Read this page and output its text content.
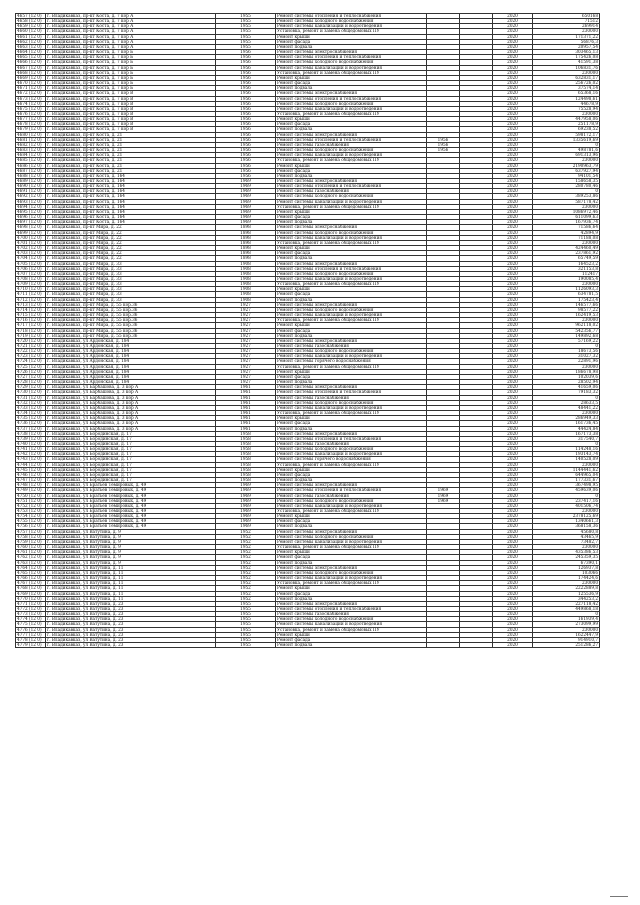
4657 (12 0)	г. Владикавказ, пр-кт Коста, д. 7 кор А	1955	Ремонт системы отопления и теплоснабжения			2020	650168
4658 (12 0)	г. Владикавказ, пр-кт Коста, д. 7 кор А	1955	Ремонт системы холодного водоснабжения			2020	71512
4659 (12 0)	г. Владикавказ, пр-кт Коста, д. 7 кор А	1955	Ремонт системы канализации и водоотведения			2020	269914
4660 (12 0)	г. Владикавказ, пр-кт Коста, д. 7 кор А	1955	Установка, ремонт и замена общедомовых ПУ			2020	230000
4661 (12 0)	г. Владикавказ, пр-кт Коста, д. 7 кор А	1955	Ремонт крыши			2020	171371,22
4662 (12 0)	г. Владикавказ, пр-кт Коста, д. 7 кор А	1955	Ремонт фасада			2020	56876,3
4663 (12 0)	г. Владикавказ, пр-кт Коста, д. 7 кор А	1955	Ремонт подвала			2020	20957,54
4664 (12 0)	г. Владикавказ, пр-кт Коста, д. 7 кор Б	1956	Ремонт системы электроснабжения			2020	303465,13
4665 (12 0)	г. Владикавказ, пр-кт Коста, д. 7 кор Б	1956	Ремонт системы отопления и теплоснабжения			2020	175426,08
4666 (12 0)	г. Владикавказ, пр-кт Коста, д. 7 кор Б	1956	Ремонт системы холодного водоснабжения			2020	41591,38
4667 (12 0)	г. Владикавказ, пр-кт Коста, д. 7 кор Б	1956	Ремонт системы канализации и водоотведения			2020	106831,76
4668 (12 0)	г. Владикавказ, пр-кт Коста, д. 7 кор Б	1956	Установка, ремонт и замена общедомовых ПУ			2020	230000
4669 (12 0)	г. Владикавказ, пр-кт Коста, д. 7 кор Б	1956	Ремонт крыши			2020	632831,17
4670 (12 0)	г. Владикавказ, пр-кт Коста, д. 7 кор Б	1956	Ремонт фасада			2020	256726,02
4671 (12 0)	г. Владикавказ, пр-кт Коста, д. 7 кор Б	1956	Ремонт подвала			2020	37574,14
4672 (12 0)	г. Владикавказ, пр-кт Коста, д. 7 кор В	1956	Ремонт системы электроснабжения			2020	65368,16
4673 (12 0)	г. Владикавказ, пр-кт Коста, д. 7 кор В	1956	Ремонт системы отопления и теплоснабжения			2020	124498,61
4674 (12 0)	г. Владикавказ, пр-кт Коста, д. 7 кор В	1956	Ремонт системы холодного водоснабжения			2020	44678,9
4675 (12 0)	г. Владикавказ, пр-кт Коста, д. 7 кор В	1956	Ремонт системы канализации и водоотведения			2020	75528,94
4676 (12 0)	г. Владикавказ, пр-кт Коста, д. 7 кор В	1956	Установка, ремонт и замена общедомовых ПУ			2020	230000
4677 (12 0)	г. Владикавказ, пр-кт Коста, д. 7 кор В	1956	Ремонт крыши			2020	447958,06
4678 (12 0)	г. Владикавказ, пр-кт Коста, д. 7 кор В	1956	Ремонт фасада			2020	251178,9
4679 (12 0)	г. Владикавказ, пр-кт Коста, д. 7 кор В	1956	Ремонт подвала			2020	69238,52
4680 (12 0)	г. Владикавказ, пр-кт Коста, д. 21	1956	Ремонт системы электроснабжения			2020	598172,17
4681 (12 0)	г. Владикавказ, пр-кт Коста, д. 21	1956	Ремонт системы отопления и теплоснабжения	1956		2020	1335619,69
4682 (12 0)	г. Владикавказ, пр-кт Коста, д. 21	1956	Ремонт системы газоснабжения	1956		2020	0
4683 (12 0)	г. Владикавказ, пр-кт Коста, д. 21	1956	Ремонт системы холодного водоснабжения	1956		2020	498781,6
4684 (12 0)	г. Владикавказ, пр-кт Коста, д. 21	1956	Ремонт системы канализации и водоотведения			2020	691313,96
4685 (12 0)	г. Владикавказ, пр-кт Коста, д. 21	1956	Установка, ремонт и замена общедомовых ПУ			2020	230000
4686 (12 0)	г. Владикавказ, пр-кт Коста, д. 21	1956	Ремонт крыши			2020	2190963,79
4687 (12 0)	г. Владикавказ, пр-кт Коста, д. 21	1956	Ремонт фасада			2020	637927,94
4688 (12 0)	г. Владикавказ, пр-кт Коста, д. 164	1956	Ремонт подвала			2020	94101,54
4689 (12 0)	г. Владикавказ, пр-кт Коста, д. 164	1969	Ремонт системы электроснабжения			2020	158658,35
4690 (12 0)	г. Владикавказ, пр-кт Коста, д. 164	1969	Ремонт системы отопления и теплоснабжения			2020	280780,46
4691 (12 0)	г. Владикавказ, пр-кт Коста, д. 164	1969	Ремонт системы газоснабжения			2020	0
4692 (12 0)	г. Владикавказ, пр-кт Коста, д. 164	1969	Ремонт системы холодного водоснабжения			2020	389253,86
4693 (12 0)	г. Владикавказ, пр-кт Коста, д. 164	1969	Ремонт системы канализации и водоотведения			2020	587178,42
4694 (12 0)	г. Владикавказ, пр-кт Коста, д. 164	1969	Установка, ремонт и замена общедомовых ПУ			2020	230000
4695 (12 0)	г. Владикавказ, пр-кт Коста, д. 164	1969	Ремонт крыши			2020	1086972,46
4696 (12 0)	г. Владикавказ, пр-кт Коста, д. 164	1969	Ремонт фасада			2020	611099,63
4697 (12 0)	г. Владикавказ, пр-кт Коста, д. 164	1969	Ремонт подвала			2020	167936,74
4698 (12 0)	г. Владикавказ, пр-кт Мира, д. 22	1898	Ремонт системы электроснабжения			2020	71586,64
4699 (12 0)	г. Владикавказ, пр-кт Мира, д. 22	1898	Ремонт системы холодного водоснабжения			2020	42894,9
4700 (12 0)	г. Владикавказ, пр-кт Мира, д. 22	1898	Ремонт системы канализации и водоотведения			2020	71188,08
4701 (12 0)	г. Владикавказ, пр-кт Мира, д. 22	1898	Установка, ремонт и замена общедомовых ПУ			2020	230000
4702 (12 0)	г. Владикавказ, пр-кт Мира, д. 22	1898	Ремонт крыши			2020	424460,49
4703 (12 0)	г. Владикавказ, пр-кт Мира, д. 22	1898	Ремонт фасада			2020	237861,92
4704 (12 0)	г. Владикавказ, пр-кт Мира, д. 22	1898	Ремонт подвала			2020	65749,59
4705 (12 0)	г. Владикавказ, пр-кт Мира, д. 33	1908	Ремонт системы электроснабжения			2020	164523,2
4706 (12 0)	г. Владикавказ, пр-кт Мира, д. 33	1908	Ремонт системы отопления и теплоснабжения			2020	321153,8
4707 (12 0)	г. Владикавказ, пр-кт Мира, д. 33	1908	Ремонт системы холодного водоснабжения			2020	112417
4708 (12 0)	г. Владикавказ, пр-кт Мира, д. 33	1908	Ремонт системы канализации и водоотведения			2020	190085,4
4709 (12 0)	г. Владикавказ, пр-кт Мира, д. 33	1908	Установка, ремонт и замена общедомовых ПУ			2020	230000
4710 (12 0)	г. Владикавказ, пр-кт Мира, д. 33	1908	Ремонт крыши			2020	1126093,3
4711 (12 0)	г. Владикавказ, пр-кт Мира, д. 33	1908	Ремонт фасада			2020	634781,5
4712 (12 0)	г. Владикавказ, пр-кт Мира, д. 33	1908	Ремонт подвала			2020	175423,4
4713 (12 0)	г. Владикавказ, пр-кт Мира, д. 55 кор.36	1927	Ремонт системы электроснабжения			2020	146577,66
4714 (12 0)	г. Владикавказ, пр-кт Мира, д. 55 кор.36	1927	Ремонт системы холодного водоснабжения			2020	98577,22
4715 (12 0)	г. Владикавказ, пр-кт Мира, д. 55 кор.36	1927	Ремонт системы канализации и водоотведения			2020	162419,53
4716 (12 0)	г. Владикавказ, пр-кт Мира, д. 55 кор.36	1927	Установка, ремонт и замена общедомовых ПУ			2020	230000
4717 (12 0)	г. Владикавказ, пр-кт Мира, д. 55 кор.36	1927	Ремонт крыши			2020	962118,02
4718 (12 0)	г. Владикавказ, пр-кт Мира, д. 55 кор.36	1927	Ремонт фасада			2020	542356,77
4719 (12 0)	г. Владикавказ, пр-кт Мира, д. 55 кор.36	1927	Ремонт подвала			2020	149892,68
4720 (12 0)	г. Владикавказ, ул Ардонская, д. 184	1927	Ремонт системы электроснабжения			2020	57169,22
4721 (12 0)	г. Владикавказ, ул Ардонская, д. 184	1927	Ремонт системы газоснабжения			2020	0
4722 (12 0)	г. Владикавказ, ул Ардонская, д. 184	1927	Ремонт системы холодного водоснабжения			2020	18673,56
4723 (12 0)	г. Владикавказ, ул Ардонская, д. 184	1927	Ремонт системы канализации и водоотведения			2020	31027,32
4724 (12 0)	г. Владикавказ, ул Ардонская, д. 184	1927	Ремонт системы горячего водоснабжения			2020	22891,96
4725 (12 0)	г. Владикавказ, ул Ардонская, д. 184	1927	Установка, ремонт и замена общедомовых ПУ			2020	230000
4726 (12 0)	г. Владикавказ, ул Ардонская, д. 184	1927	Ремонт крыши			2020	186678,98
4727 (12 0)	г. Владикавказ, ул Ардонская, д. 184	1927	Ремонт фасада			2020	102039,6
4728 (12 0)	г. Владикавказ, ул Ардонская, д. 184	1927	Ремонт подвала			2020	28502,94
4729 (12 0)	г. Владикавказ, ул Барбашова, д. 3 кор А	1961	Ремонт системы электроснабжения			2020	41659,06
4730 (12 0)	г. Владикавказ, ул Барбашова, д. 3 кор А	1961	Ремонт системы отопления и теплоснабжения			2020	79183,32
4731 (12 0)	г. Владикавказ, ул Барбашова, д. 3 кор А	1961	Ремонт системы газоснабжения			2020	0
4732 (12 0)	г. Владикавказ, ул Барбашова, д. 3 кор А	1961	Ремонт системы холодного водоснабжения			2020	28633,5
4733 (12 0)	г. Владикавказ, ул Барбашова, д. 3 кор А	1961	Ремонт системы канализации и водоотведения			2020	48441,22
4734 (12 0)	г. Владикавказ, ул Барбашова, д. 3 кор А	1961	Установка, ремонт и замена общедомовых ПУ			2020	230000
4735 (12 0)	г. Владикавказ, ул Барбашова, д. 3 кор А	1961	Ремонт крыши			2020	286949,33
4736 (12 0)	г. Владикавказ, ул Барбашова, д. 3 кор А	1961	Ремонт фасада			2020	161736,45
4737 (12 0)	г. Владикавказ, ул Барбашова, д. 3 кор А	1961	Ремонт подвала			2020	44424,84
4738 (12 0)	г. Владикавказ, ул Бородинская, д. 17	1958	Ремонт системы электроснабжения			2020	167173,38
4739 (12 0)	г. Владикавказ, ул Бородинская, д. 17	1958	Ремонт системы отопления и теплоснабжения			2020	317540,7
4740 (12 0)	г. Владикавказ, ул Бородинская, д. 17	1958	Ремонт системы газоснабжения			2020	0
4741 (12 0)	г. Владикавказ, ул Бородинская, д. 17	1958	Ремонт системы холодного водоснабжения			2020	114248,16
4742 (12 0)	г. Владикавказ, ул Бородинская, д. 17	1958	Ремонт системы канализации и водоотведения			2020	193143,74
4743 (12 0)	г. Владикавказ, ул Бородинская, д. 17	1958	Ремонт системы горячего водоснабжения			2020	140528,09
4744 (12 0)	г. Владикавказ, ул Бородинская, д. 17	1958	Установка, ремонт и замена общедомовых ПУ			2020	230000
4745 (12 0)	г. Владикавказ, ул Бородинская, д. 17	1958	Ремонт крыши			2020	1144441,62
4746 (12 0)	г. Владикавказ, ул Бородинская, д. 17	1958	Ремонт фасада			2020	644965,04
4747 (12 0)	г. Владикавказ, ул Бородинская, д. 17	1958	Ремонт подвала			2020	177331,67
4748 (12 0)	г. Владикавказ, ул Братьев Темировых, д. 49	1969	Ремонт системы электроснабжения			2020	367498,95
4749 (12 0)	г. Владикавказ, ул Братьев Темировых, д. 49	1969	Ремонт системы отопления и теплоснабжения	1969		2020	459639,06
4750 (12 0)	г. Владикавказ, ул Братьев Темировых, д. 49	1969	Ремонт системы газоснабжения	1969		2020	0
4751 (12 0)	г. Владикавказ, ул Братьев Темировых, д. 49	1969	Ремонт системы холодного водоснабжения	1969		2020	237417,16
4752 (12 0)	г. Владикавказ, ул Братьев Темировых, д. 49	1969	Ремонт системы канализации и водоотведения			2020	401506,74
4753 (12 0)	г. Владикавказ, ул Братьев Темировых, д. 49	1969	Установка, ремонт и замена общедомовых ПУ			2020	230000
4754 (12 0)	г. Владикавказ, ул Братьев Темировых, д. 49	1969	Ремонт крыши			2020	2378125,69
4755 (12 0)	г. Владикавказ, ул Братьев Темировых, д. 49	1969	Ремонт фасада			2020	1340661,3
4756 (12 0)	г. Владикавказ, ул Братьев Темировых, д. 49	1969	Ремонт подвала			2020	368158,36
4757 (12 0)	г. Владикавказ, ул Ватутина, д. 9	1952	Ремонт системы электроснабжения			2020	45680,8
4758 (12 0)	г. Владикавказ, ул Ватутина, д. 9	1952	Ремонт системы холодного водоснабжения			2020	43465,9
4759 (12 0)	г. Владикавказ, ул Ватутина, д. 9	1952	Ремонт системы канализации и водоотведения			2020	73482,7
4760 (12 0)	г. Владикавказ, ул Ватутина, д. 9	1952	Установка, ремонт и замена общедомовых ПУ			2020	230000
4761 (12 0)	г. Владикавказ, ул Ватутина, д. 9	1952	Ремонт крыши			2020	435386,53
4762 (12 0)	г. Владикавказ, ул Ватутина, д. 9	1952	Ремонт фасада			2020	245359,35
4763 (12 0)	г. Владикавказ, ул Ватутина, д. 9	1952	Ремонт подвала			2020	67390,1
4764 (12 0)	г. Владикавказ, ул Ватутина, д. 11	1952	Ремонт системы электроснабжения			2020	126937,8
4765 (12 0)	г. Владикавказ, ул Ватутина, д. 11	1952	Ремонт системы холодного водоснабжения			2020	103066
4766 (12 0)	г. Владикавказ, ул Ватутина, д. 11	1952	Ремонт системы канализации и водоотведения			2020	174424,6
4767 (12 0)	г. Владикавказ, ул Ватутина, д. 11	1952	Установка, ремонт и замена общедомовых ПУ			2020	230000
4768 (12 0)	г. Владикавказ, ул Ватутина, д. 11	1952	Ремонт крыши			2020	2222889,8
4769 (12 0)	г. Владикавказ, ул Ватутина, д. 11	1952	Ремонт фасада			2020	125536,9
4770 (12 0)	г. Владикавказ, ул Ватутина, д. 11	1952	Ремонт подвала			2020	344253,2
4771 (12 0)	г. Владикавказ, ул Ватутина, д. 23	1955	Ремонт системы электроснабжения			2020	227118,42
4772 (12 0)	г. Владикавказ, ул Ватутина, д. 23	1955	Ремонт системы отопления и теплоснабжения			2020	449868,18
4773 (12 0)	г. Владикавказ, ул Ватутина, д. 23	1955	Ремонт системы газоснабжения			2020	0
4774 (12 0)	г. Владикавказ, ул Ватутина, д. 23	1955	Ремонт системы холодного водоснабжения			2020	161939,4
4775 (12 0)	г. Владикавказ, ул Ватутина, д. 23	1955	Ремонт системы канализации и водоотведения			2020	273099,99
4776 (12 0)	г. Владикавказ, ул Ватутина, д. 23	1955	Установка, ремонт и замена общедомовых ПУ			2020	230000
4777 (12 0)	г. Владикавказ, ул Ватутина, д. 23	1955	Ремонт крыши			2020	1622447,9
4778 (12 0)	г. Владикавказ, ул Ватутина, д. 23	1955	Ремонт фасада			2020	914910,7
4779 (12 0)	г. Владикавказ, ул Ватутина, д. 23	1955	Ремонт подвала			2020	251286,27
